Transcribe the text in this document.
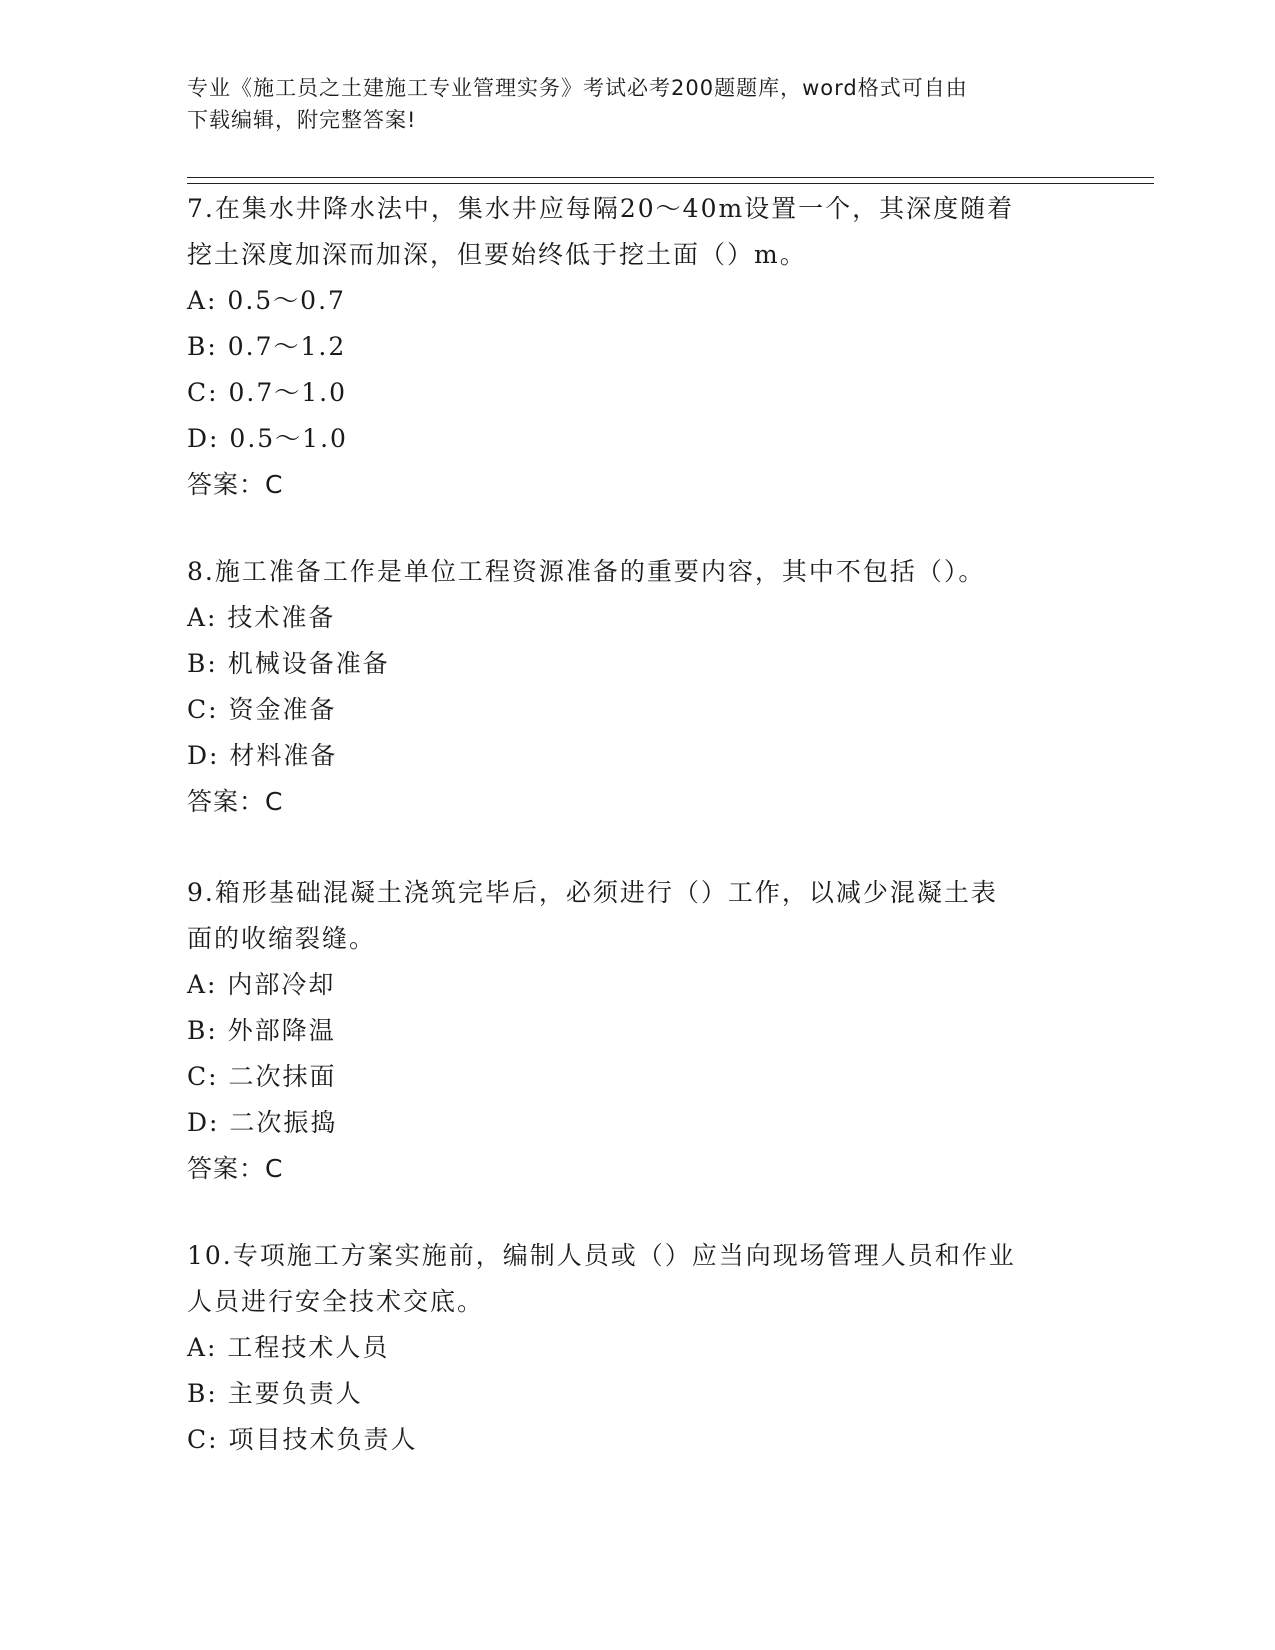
专业《施工员之土建施工专业管理实务》考试必考200题题库，word格式可自由
下载编辑，附完整答案!
7.在集水井降水法中，集水井应每隔20～40m设置一个，其深度随着
挖土深度加深而加深，但要始终低于挖土面（）m。
A: 0.5～0.7
B: 0.7～1.2
C: 0.7～1.0
D: 0.5～1.0
答案：C
8.施工准备工作是单位工程资源准备的重要内容，其中不包括（）。
A: 技术准备
B: 机械设备准备
C: 资金准备
D: 材料准备
答案：C
9.箱形基础混凝土浇筑完毕后，必须进行（）工作，以减少混凝土表
面的收缩裂缝。
A: 内部冷却
B: 外部降温
C: 二次抹面
D: 二次振捣
答案：C
10.专项施工方案实施前，编制人员或（）应当向现场管理人员和作业
人员进行安全技术交底。
A: 工程技术人员
B: 主要负责人
C: 项目技术负责人
